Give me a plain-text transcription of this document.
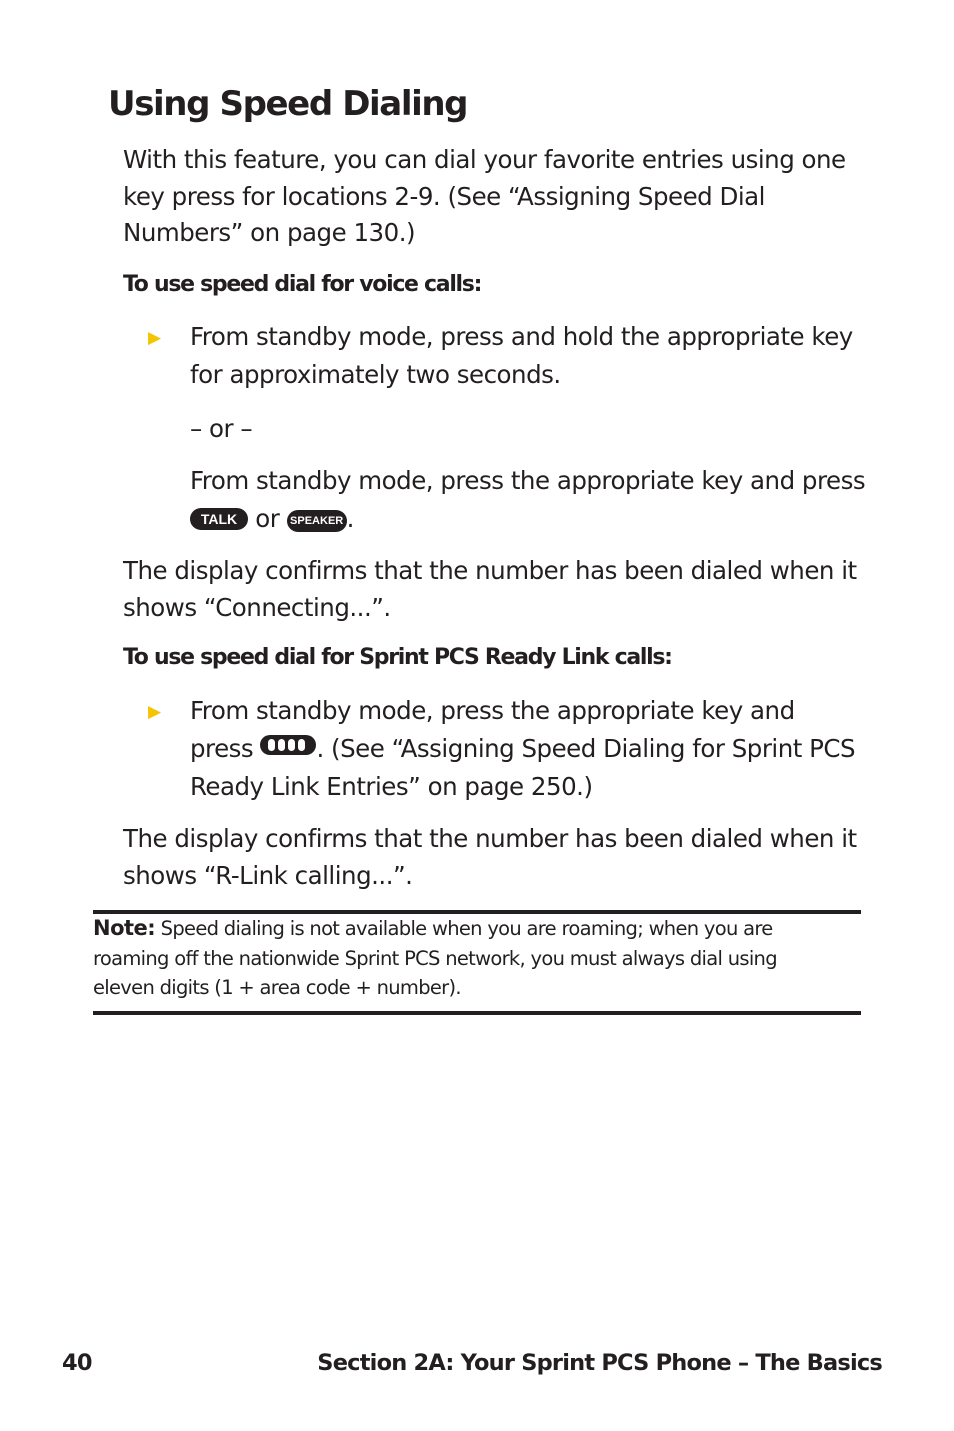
Using Speed Dialing
With this feature, you can dial your favorite entries using one
key press for locations 2-9. (See “Assigning Speed Dial
Numbers” on page 130.)
To use speed dial for voice calls:
▶ From standby mode, press and hold the appropriate key
for approximately two seconds.
– or –
From standby mode, press the appropriate key and press
TALK or SPEAKER .
The display confirms that the number has been dialed when it
shows “Connecting...”.
To use speed dial for Sprint PCS Ready Link calls:
▶ From standby mode, press the appropriate key and
press
. (See “Assigning Speed Dialing for Sprint PCS
Ready Link Entries” on page 250.)
The display confirms that the number has been dialed when it
shows “R-Link calling...”.
Note: Speed dialing is not available when you are roaming; when you are
roaming off the nationwide Sprint PCS network, you must always dial using
eleven digits (1 + area code + number).
40	Section 2A: Your Sprint PCS Phone – The Basics
